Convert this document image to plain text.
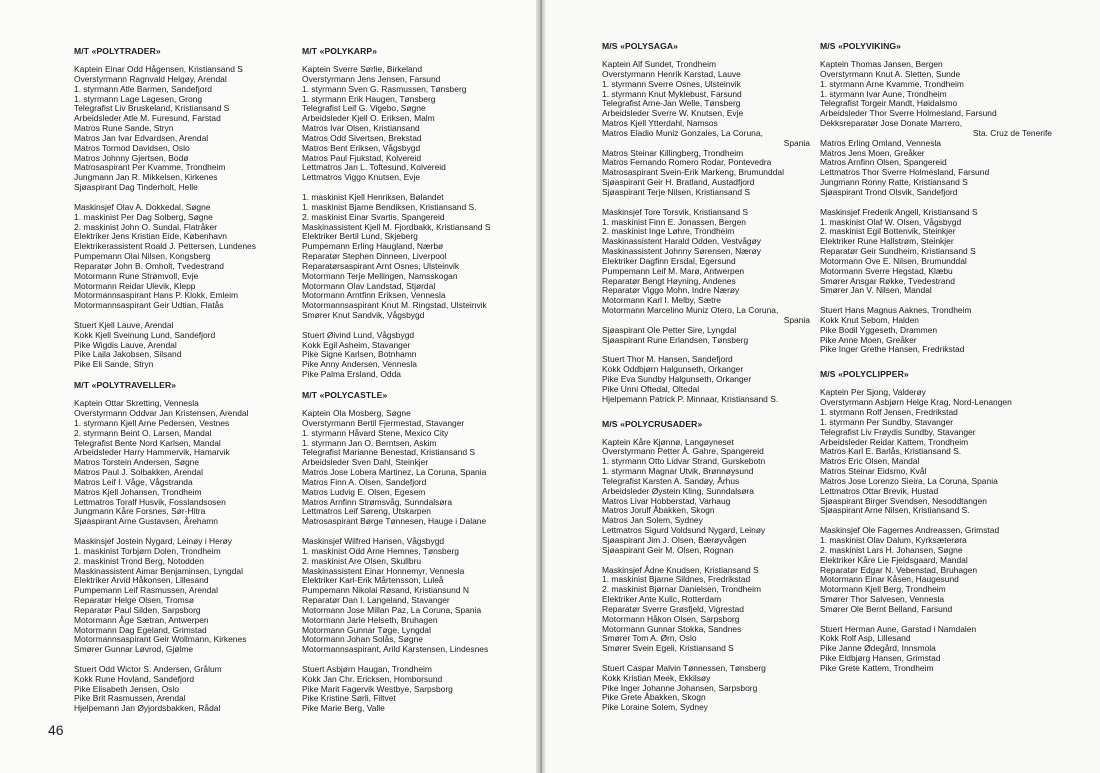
M/T «POLYTRADER»
Kaptein Einar Odd Hågensen, Kristiansand S
Overstyrmann Ragnvald Helgøy, Arendal
1. styrmann Atle Barmen, Sandefjord
1. styrmann Lage Lagesen, Grong
Telegrafist Liv Bruskeland, Kristiansand S
Arbeidsleder Atle M. Furesund, Farstad
Matros Rune Sande, Stryn
Matros Jan Ivar Edvardsen, Arendal
Matros Tormod Davidsen, Oslo
Matros Johnny Gjertsen, Bodø
Matrosaspirant Per Kvamme, Trondheim
Jungmann Jan R. Mikkelsen, Kirkenes
Sjøaspirant Dag Tinderholt, Helle
Maskinsjef Olav A. Dokkedal, Søgne
1. maskinist Per Dag Solberg, Søgne
2. maskinist John O. Sundal, Flatråker
Elektriker Jens Kristian Eide, København
Elektrikerassistent Roald J. Pettersen, Lundenes
Pumpemann Olai Nilsen, Kongsberg
Reparatør John B. Omholt, Tvedestrand
Motormann Rune Strømvoll, Evje
Motormann Reidar Ulevik, Klepp
Motormannsaspirant Hans P. Klokk, Emleim
Motormannsaspirant Geir Udtian, Flatås
Stuert Kjell Lauve, Arendal
Kokk Kjell Sveinung Lund, Sandefjord
Pike Wigdis Lauve, Arendal
Pike Laila Jakobsen, Silsand
Pike Eli Sande, Stryn
M/T «POLYTRAVELLER»
Kaptein Ottar Skretting, Vennesla
Overstyrmann Oddvar Jan Kristensen, Arendal
1. styrmann Kjell Arne Pedersen, Vestnes
2. styrmann Beint O. Larsen, Mandal
Telegrafist Bente Nord Karlsen, Mandal
Arbeidsleder Harry Hammervik, Hamarvik
Matros Torstein Andersen, Søgne
Matros Paul J. Solbakken, Arendal
Matros Leif I. Våge, Vågstranda
Matros Kjell Johansen, Trondheim
Lettmatros Toralf Husvik, Fosslandsosen
Jungmann Kåre Forsnes, Sør-Hitra
Sjøaspirant Arne Gustavsen, Årehamn
Maskinsjef Jostein Nygard, Leinøy i Herøy
1. maskinist Torbjørn Dolen, Trondheim
2. maskinist Trond Berg, Notodden
Maskinassistent Aimar Benjaminsen, Lyngdal
Elektriker Arvid Håkonsen, Lillesand
Pumpemann Leif Rasmussen, Arendal
Reparatør Helge Olsen, Tromsø
Reparatør Paul Silden, Sarpsborg
Motormann Åge Sætran, Antwerpen
Motormann Dag Egeland, Grimstad
Motormannsaspirant Geir Wollmann, Kirkenes
Smører Gunnar Løvrod, Gjølme
Stuert Odd Wictor S. Andersen, Grålum
Kokk Rune Hovland, Sandefjord
Pike Elisabeth Jensen, Oslo
Pike Brit Rasmussen, Arendal
Hjelpemann Jan Øyjordsbakken, Rådal
M/T «POLYKARP»
Kaptein Sverre Sørlie, Birkeland
Overstyrmann Jens Jensen, Farsund
1. styrmann Sven G. Rasmussen, Tønsberg
1. styrmann Erik Haugen, Tønsberg
Telegrafist Leif G. Vigebo, Søgne
Arbeidsleder Kjell O. Eriksen, Malm
Matros Ivar Olsen, Kristiansand
Matros Odd Sivertsen, Brekstad
Matros Bent Eriksen, Vågsbygd
Matros Paul Fjukstad, Kolvereid
Lettmatros Jan L. Toftesund, Kolvereid
Lettmatros Viggo Knutsen, Evje
1. maskinist Kjell Henriksen, Bølandet
1. maskinist Bjarne Bendiksen, Kristiansand S.
2. maskinist Einar Svartis, Spangereid
Maskinassistent Kjell M. Fjordbakk, Kristiansand S
Elektriker Bertil Lund, Skjeberg
Pumpemann Erling Haugland, Nærbø
Reparatør Stephen Dinneen, Liverpool
Reparatørsaspirant Arnt Osnes, Ulsteinvik
Motormann Terje Mellingen, Namsskogan
Motormann Olav Landstad, Stjørdal
Motormann Arntfinn Eriksen, Vennesla
Motormannsaspirant Knut M. Ringstad, Ulsteinvik
Smører Knut Sandvik, Vågsbygd
Stuert Øivind Lund, Vågsbygd
Kokk Egil Asheim, Stavanger
Pike Signe Karlsen, Botnhamn
Pike Anny Andersen, Vennesla
Pike Palma Ersland, Odda
M/T «POLYCASTLE»
Kaptein Ola Mosberg, Søgne
Overstyrmann Bertil Fjermestad, Stavanger
1. styrmann Håvard Stene, Mexico City
1. styrmann Jan O. Berntsen, Askim
Telegrafist Marianne Benestad, Kristiansand S
Arbeidsleder Sven Dahl, Steinkjer
Matros Jose Lobera Martinez, La Coruna, Spania
Matros Finn A. Olsen, Sandefjord
Matros Ludvig E. Olsen, Egesem
Matros Arnfinn Strømsvåg, Sunndalsøra
Lettmatros Leif Søreng, Utskarpen
Matrosaspirant Børge Tønnesen, Hauge i Dalane
Maskinsjef Wilfred Hansen, Vågsbygd
1. maskinist Odd Arne Hemnes, Tønsberg
2. maskinist Are Olsen, Skullbru
Maskinassistent Einar Honnemyr, Vennesla
Elektriker Karl-Erik Mårtensson, Luleå
Pumpemann Nikolai Røsand, Kristiansund N
Reparatør Dan I. Langeland, Stavanger
Motormann Jose Millan Paz, La Coruna, Spania
Motormann Jarle Helseth, Bruhagen
Motormann Gunnar Tøge, Lyngdal
Motormann Johan Solås, Søgne
Motormannsaspirant, Arild Karstensen, Lindesnes
Stuert Asbjørn Haugan, Trondheim
Kokk Jan Chr. Ericksen, Homborsund
Pike Marit Fagervik Westbye, Sarpsborg
Pike Kristine Sørli, Filtvet
Pike Marie Berg, Valle
M/S «POLYSAGA»
Kaptein Alf Sundet, Trondheim
Overstyrmann Henrik Karstad, Lauve
1. styrmann Sverre Osnes, Ulsteinvik
1. styrmann Knut Myklebust, Farsund
Telegrafist Arne-Jan Welle, Tønsberg
Arbeidsleder Sverre W. Knutsen, Evje
Matros Kjell Ytterdahl, Namsos
Matros Eladio Muniz Gonzales, La Coruna,
Spania
Matros Steinar Killingberg, Trondheim
Matros Fernando Romero Rodar, Pontevedra
Matrosaspirant Svein-Erik Markeng, Brumunddal
Sjøaspirant Geir H. Bratland, Austadfjord
Sjøaspirant Terje Nilsen, Kristiansand S
Maskinsjef Tore Torsvik, Kristiansand S
1. maskinist Finn E. Jonassen, Bergen
2. maskinist Inge Løhre, Trondheim
Maskinassistent Harald Odden, Vestvågøy
Maskinassistent Johnny Sørensen, Nærøy
Elektriker Dagfinn Ersdal, Egersund
Pumpemann Leif M. Marø, Antwerpen
Reparatør Bengt Høyning, Andenes
Reparatør Viggo Mohn, Indre Nærøy
Motormann Karl I. Melby, Sætre
Motormann Marcelino Muniz Otero, La Coruna,
Spania
Sjøaspirant Ole Petter Sire, Lyngdal
Sjøaspirant Rune Erlandsen, Tønsberg
Stuert Thor M. Hansen, Sandefjord
Kokk Oddbjørn Halgunseth, Orkanger
Pike Eva Sundby Halgunseth, Orkanger
Pike Unni Oftedal, Oltedal
Hjelpemann Patrick P. Minnaar, Kristiansand S.
M/S «POLYCRUSADER»
Kaptein Kåre Kjønnø, Langøyneset
Overstyrmann Petter Å. Gahre, Spangereid
1. styrmann Otto Lidvar Strand, Gurskebotn
1. styrmann Magnar Utvik, Brønnøysund
Telegrafist Karsten A. Sandøy, Århus
Arbeidsleder Øystein Kling, Sunndalsøra
Matros Livar Hobberstad, Varhaug
Matros Jorulf Åbakken, Skogn
Matros Jan Solem, Sydney
Lettmatros Sigurd Voldsund Nygard, Leinøy
Sjøaspirant Jim J. Olsen, Bærøyvågen
Sjøaspirant Geir M. Olsen, Rognan
Maskinsjef Ådne Knudsen, Kristiansand S
1. maskinist Bjarne Sildnes, Fredrikstad
2. maskinist Bjørnar Danielsen, Trondheim
Elektriker Ante Kulic, Rotterdam
Reparatør Sverre Grøsfjeld, Vigrestad
Motormann Håkon Olsen, Sarpsborg
Motormann Gunnar Stokka, Sandnes
Smører Tom A. Ørn, Oslo
Smører Svein Egeli, Kristiansand S
Stuert Caspar Malvin Tønnessen, Tønsberg
Kokk Kristian Meek, Ekkilsøy
Pike Inger Johanne Johansen, Sarpsborg
Pike Grete Åbakken, Skogn
Pike Loraine Solem, Sydney
M/S «POLYVIKING»
Kaptein Thomas Jansen, Bergen
Overstyrmann Knut A. Sletten, Sunde
1. styrmann Arne Kvamme, Trondheim
1. styrmann Ivar Aune, Trondheim
Telegrafist Torgeir Mandt, Høidalsmo
Arbeidsleder Thor Sverre Holmesland, Farsund
Dekksreparatør Jose Donate Marrero,
Sta. Cruz de Tenerife
Matros Erling Omland, Vennesla
Matros Jens Moen, Greåker
Matros Arnfinn Olsen, Spangereid
Lettmatros Thor Sverre Holmesland, Farsund
Jungmann Ronny Ratte, Kristiansand S
Sjøaspirant Trond Olsvik, Sandefjord
Maskinsjef Frederik Angell, Kristiansand S
1. maskinist Olaf W. Olsen, Vågsbygd
2. maskinist Egil Bottenvik, Steinkjer
Elektriker Rune Hallstrøm, Steinkjer
Reparatør Geir Sundheim, Kristiansand S
Motormann Ove E. Nilsen, Brumunddal
Motormann Sverre Hegstad, Klæbu
Smører Ansgar Røkke, Tvedestrand
Smører Jan V. Nilsen, Mandal
Stuert Hans Magnus Aaknes, Trondheim
Kokk Knut Sebom, Halden
Pike Bodil Yggeseth, Drammen
Pike Anne Moen, Greåker
Pike Inger Grethe Hansen, Fredrikstad
M/S «POLYCLIPPER»
Kaptein Per Sjong, Valderøy
Overstyrmann Asbjørn Helge Krag, Nord-Lenangen
1. styrmann Rolf Jensen, Fredrikstad
1. styrmann Per Sundby, Stavanger
Telegrafist Liv Frøydis Sundby, Stavanger
Arbeidsleder Reidar Kattem, Trondheim
Matros Karl E. Barlås, Kristiansand S.
Matros Eric Olsen, Mandal
Matros Steinar Eidsmo, Kvål
Matros Jose Lorenzo Sieira, La Coruna, Spania
Lettmatros Ottar Brevik, Hustad
Sjøaspirant Birger Svendsen, Nesoddtangen
Sjøaspirant Arne Nilsen, Kristiansand S.
Maskinsjef Ole Fagernes Andreassen, Grimstad
1. maskinist Olav Dalum, Kyrksæterøra
2. maskinist Lars H. Johansen, Søgne
Elektriker Kåre Lie Fjeldsgaard, Mandal
Reparatør Edgar N. Vebenstad, Bruhagen
Motormann Einar Kåsen, Haugesund
Motormann Kjell Berg, Trondheim
Smører Thor Salvesen, Vennesla
Smører Ole Bernt Belland, Farsund
Stuert Herman Aune, Garstad i Namdalen
Kokk Rolf Asp, Lillesand
Pike Janne Ødegård, Innsmola
Pike Eldbjørg Hansen, Grimstad
Pike Grete Kattem, Trondheim
46
